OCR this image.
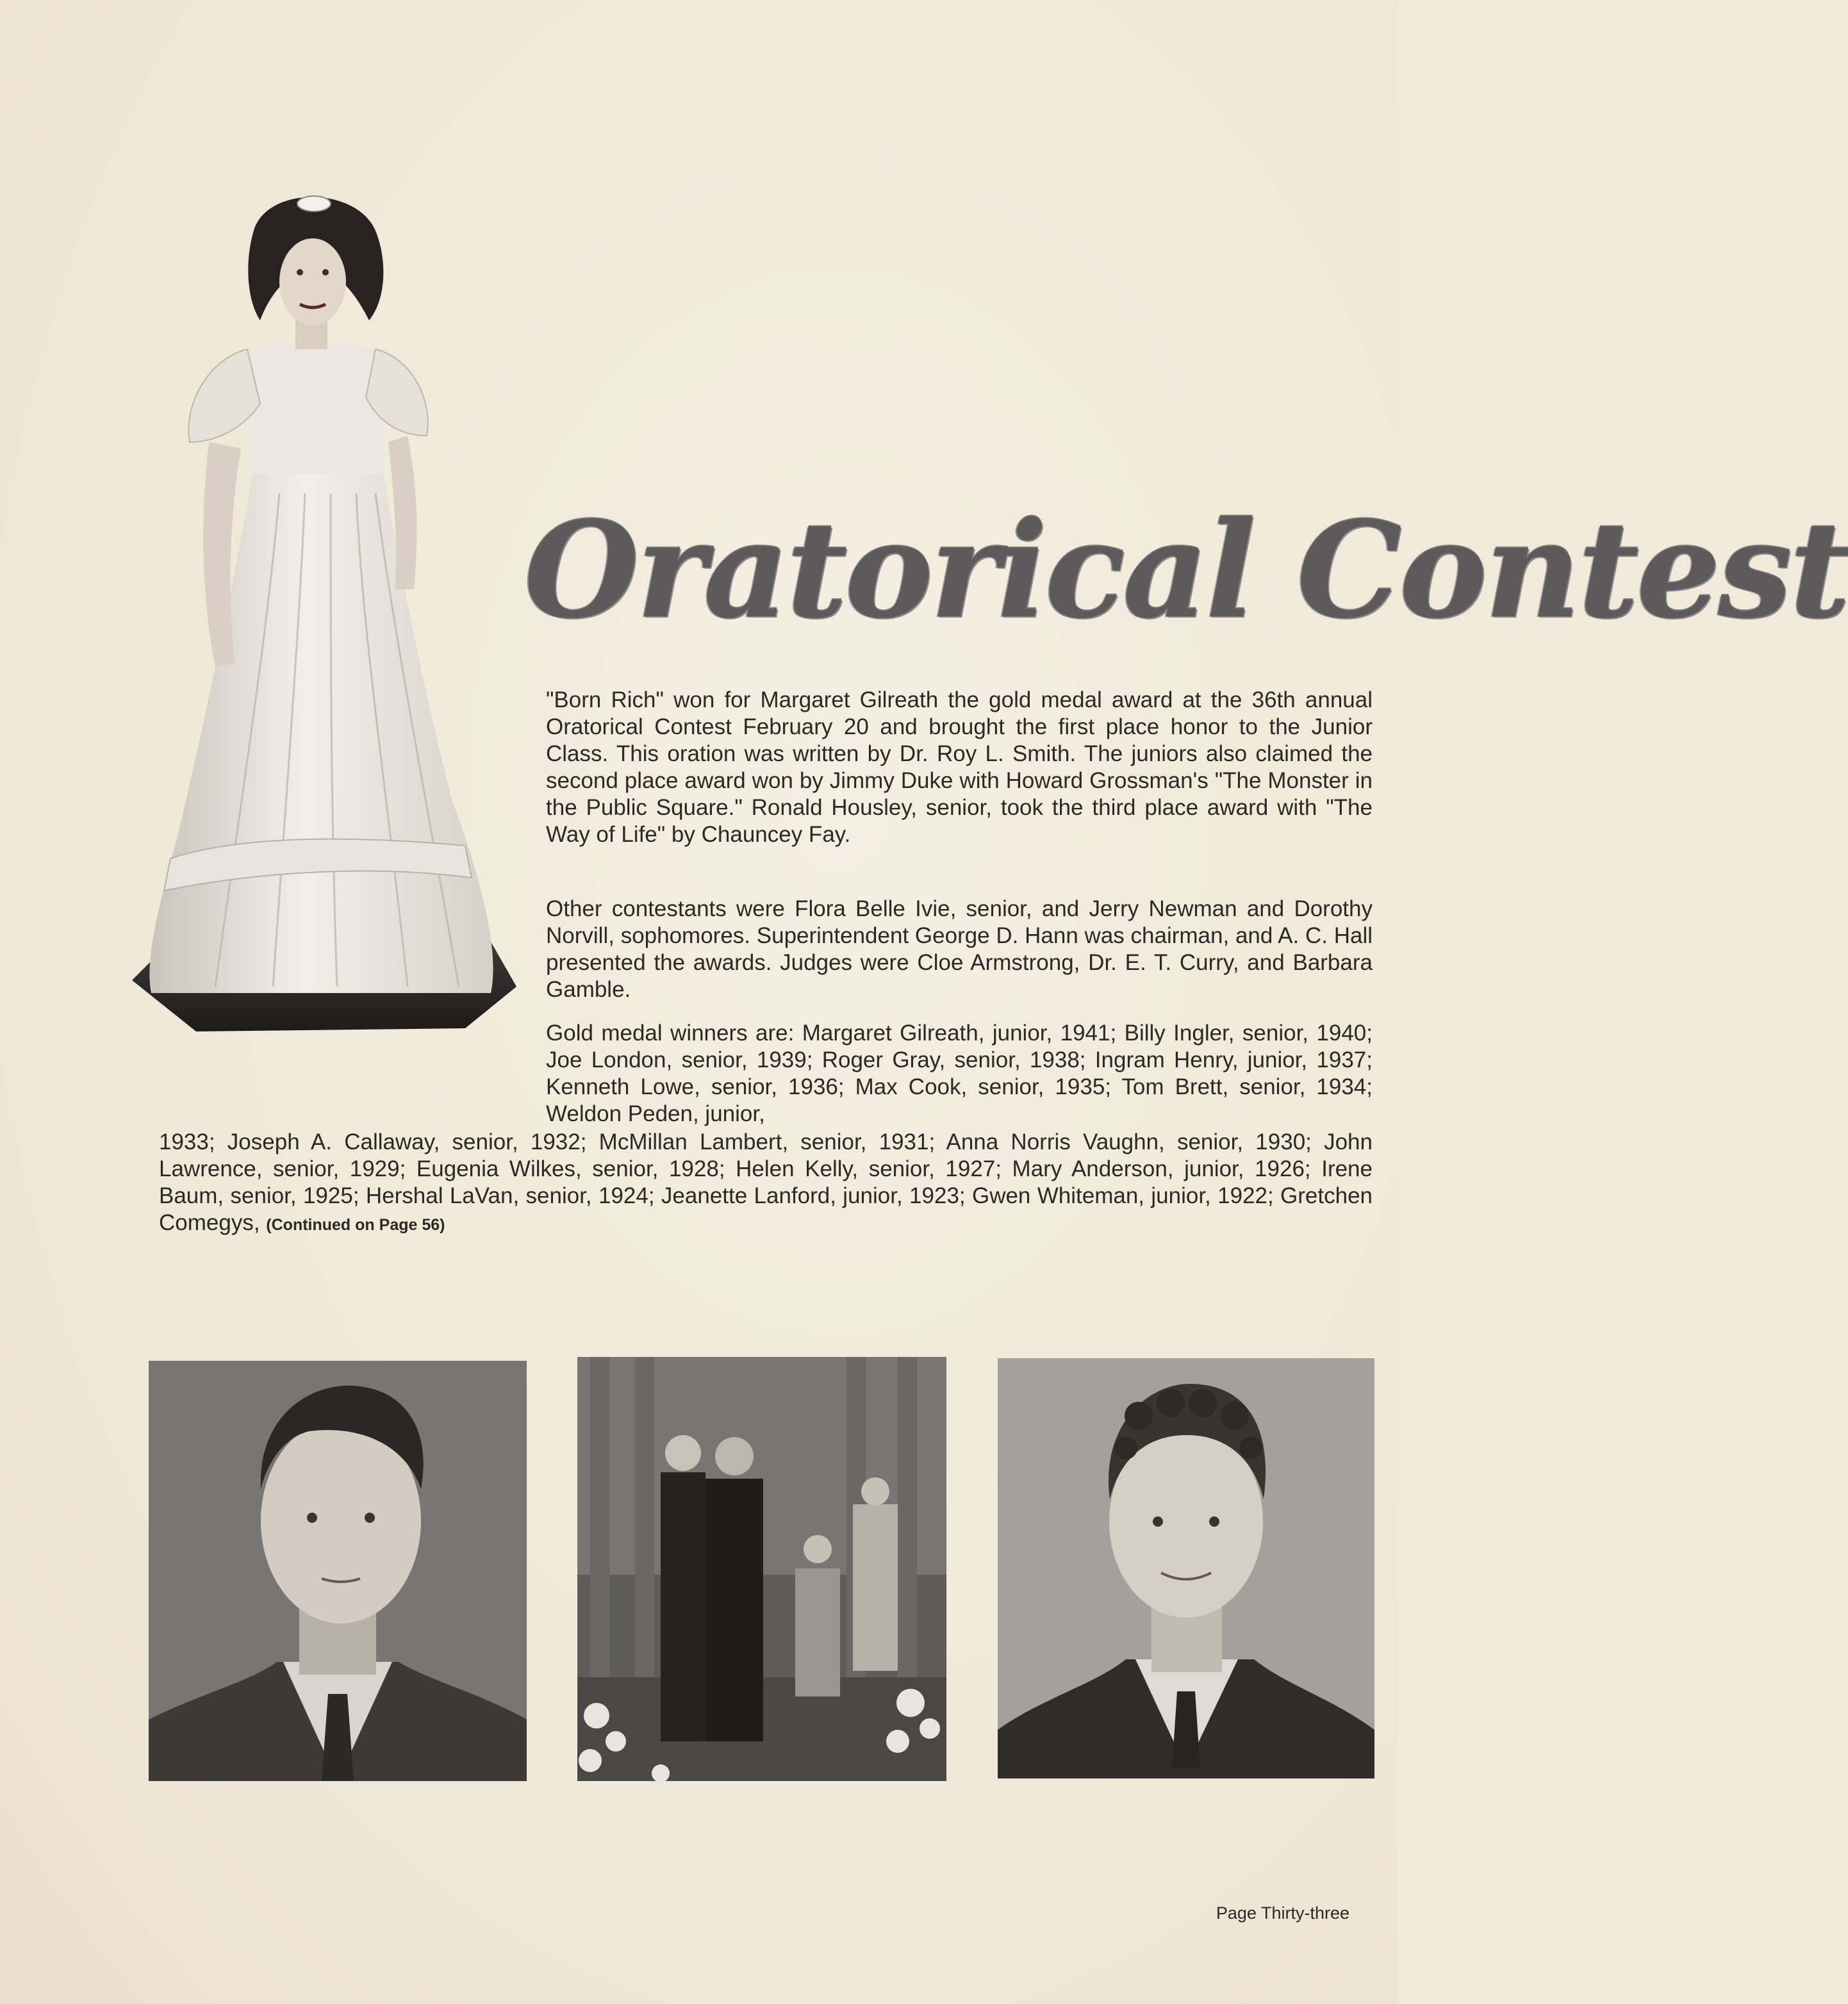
Oratorical Contest

"Born Rich" won for Margaret Gilreath the gold medal award at the 36th annual Oratorical Contest February 20 and brought the first place honor to the Junior Class. This oration was written by Dr. Roy L. Smith. The juniors also claimed the second place award won by Jimmy Duke with Howard Grossman's "The Monster in the Public Square." Ronald Housley, senior, took the third place award with "The Way of Life" by Chauncey Fay.

Other contestants were Flora Belle Ivie, senior, and Jerry Newman and Dorothy Norvill, sophomores. Superintendent George D. Hann was chairman, and A. C. Hall presented the awards. Judges were Cloe Armstrong, Dr. E. T. Curry, and Barbara Gamble.

Gold medal winners are: Margaret Gilreath, junior, 1941; Billy Ingler, senior, 1940; Joe London, senior, 1939; Roger Gray, senior, 1938; Ingram Henry, junior, 1937; Kenneth Lowe, senior, 1936; Max Cook, senior, 1935; Tom Brett, senior, 1934; Weldon Peden, junior,

1933; Joseph A. Callaway, senior, 1932; McMillan Lambert, senior, 1931; Anna Norris Vaughn, senior, 1930; John Lawrence, senior, 1929; Eugenia Wilkes, senior, 1928; Helen Kelly, senior, 1927; Mary Anderson, junior, 1926; Irene Baum, senior, 1925; Hershal LaVan, senior, 1924; Jeanette Lanford, junior, 1923; Gwen Whiteman, junior, 1922; Gretchen Comegys, (Continued on Page 56)

Page Thirty-three
